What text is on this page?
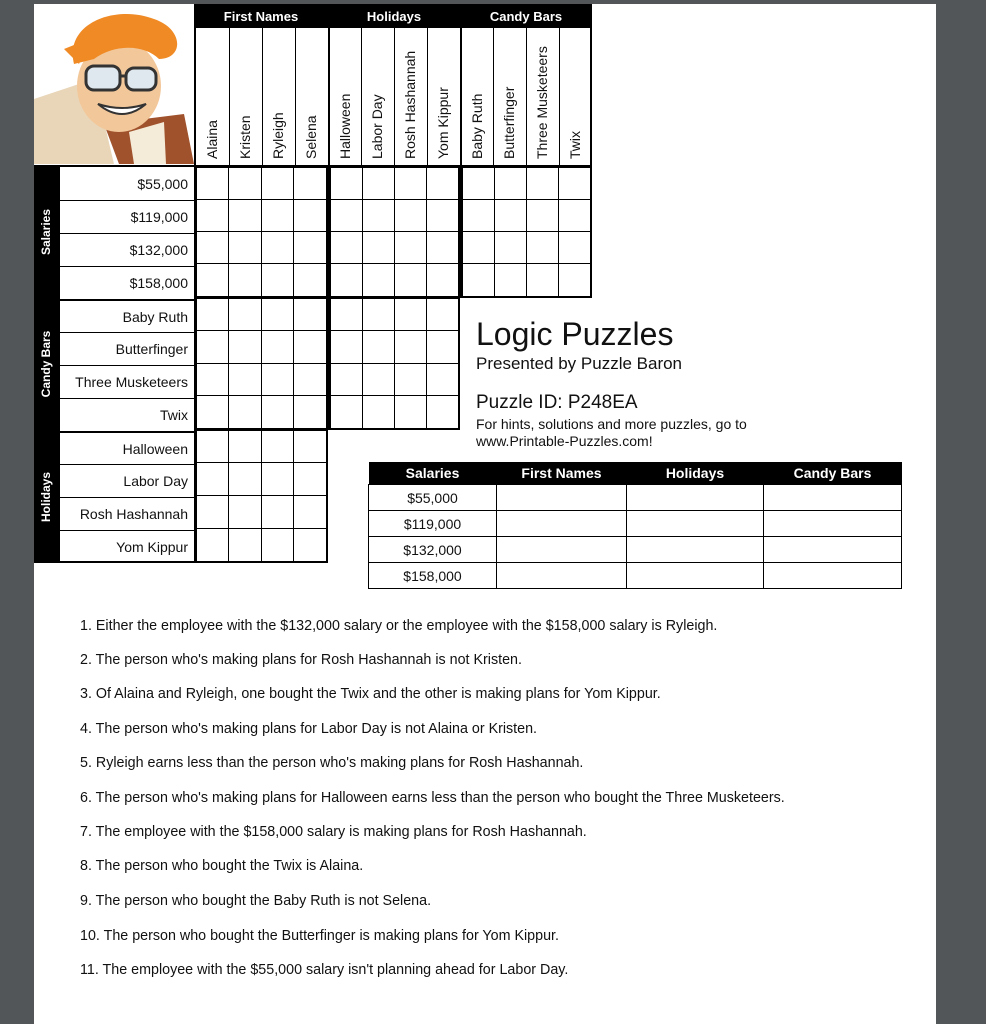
First Names	Holidays	Candy Bars
Alaina Kristen Ryleigh Selena Halloween Labor Day Rosh Hashannah Yom Kippur Baby Ruth Butterfinger Three Musketeers Twix
Salaries
Candy Bars
Holidays
$55,000
$119,000
$132,000
$158,000
Baby Ruth
Butterfinger
Three Musketeers
Twix
Halloween
Labor Day
Rosh Hashannah
Yom Kippur
Logic Puzzles
Presented by Puzzle Baron
Puzzle ID: P248EA
For hints, solutions and more puzzles, go to www.Printable-Puzzles.com!
Salaries	First Names	Holidays	Candy Bars
$55,000			
$119,000			
$132,000			
$158,000			
1. Either the employee with the $132,000 salary or the employee with the $158,000 salary is Ryleigh.
2. The person who's making plans for Rosh Hashannah is not Kristen.
3. Of Alaina and Ryleigh, one bought the Twix and the other is making plans for Yom Kippur.
4. The person who's making plans for Labor Day is not Alaina or Kristen.
5. Ryleigh earns less than the person who's making plans for Rosh Hashannah.
6. The person who's making plans for Halloween earns less than the person who bought the Three Musketeers.
7. The employee with the $158,000 salary is making plans for Rosh Hashannah.
8. The person who bought the Twix is Alaina.
9. The person who bought the Baby Ruth is not Selena.
10. The person who bought the Butterfinger is making plans for Yom Kippur.
11. The employee with the $55,000 salary isn't planning ahead for Labor Day.
